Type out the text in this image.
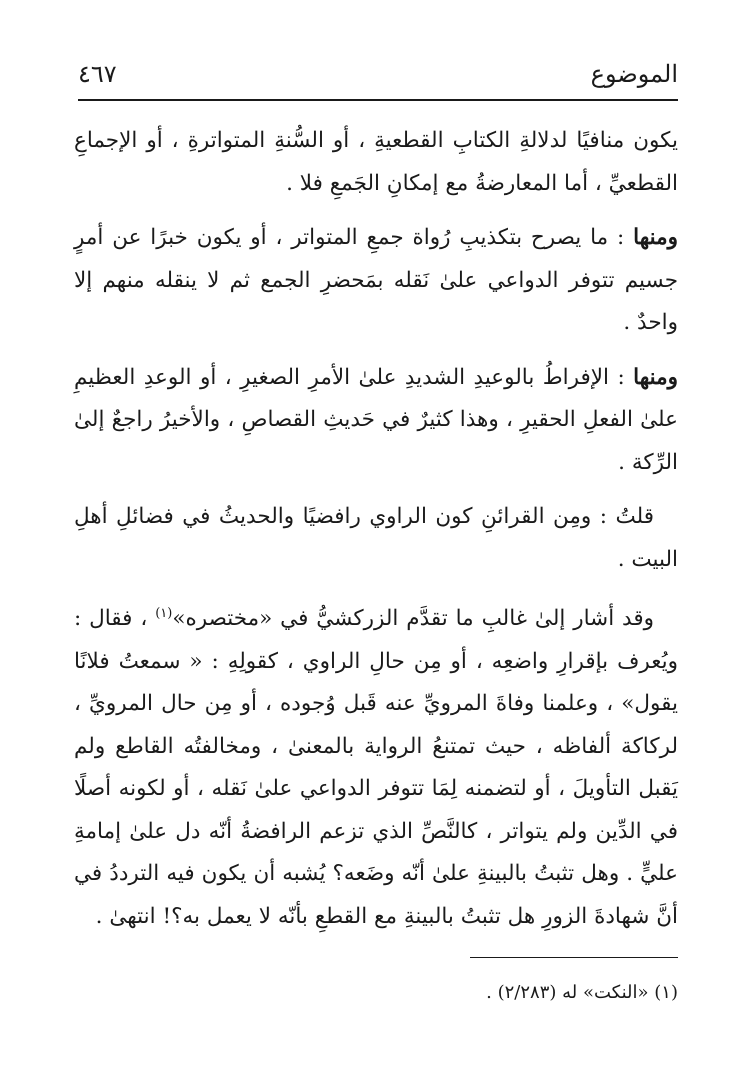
الموضوع
٤٦٧

يكون منافيًا لدلالةِ الكتابِ القطعيةِ ، أو السُّنةِ المتواترةِ ، أو الإجماعِ القطعيِّ ، أما المعارضةُ مع إمكانِ الجَمعِ فلا .

ومنها : ما يصرح بتكذيبِ رُواة جمعِ المتواتر ، أو يكون خبرًا عن أمرٍ جسيم تتوفر الدواعي علىٰ نَقله بمَحضرِ الجمع ثم لا ينقله منهم إلا واحدٌ .

ومنها : الإفراطُ بالوعيدِ الشديدِ علىٰ الأمرِ الصغيرِ ، أو الوعدِ العظيمِ علىٰ الفعلِ الحقيرِ ، وهذا كثيرٌ في حَديثِ القصاصِ ، والأخيرُ راجعٌ إلىٰ الرِّكة .

قلتُ : ومِن القرائنِ كون الراوي رافضيًا والحديثُ في فضائلِ أهلِ البيت .

وقد أشار إلىٰ غالبِ ما تقدَّم الزركشيُّ في «مختصره»$^{(١)}$ ، فقال : ويُعرف بإقرارِ واضعِه ، أو مِن حالِ الراوي ، كقولِهِ : « سمعتُ فلانًا يقول» ، وعلمنا وفاةَ المرويِّ عنه قَبل وُجوده ، أو مِن حال المرويِّ ، لركاكة ألفاظه ، حيث تمتنعُ الرواية بالمعنىٰ ، ومخالفتُه القاطع ولم يَقبل التأويلَ ، أو لتضمنه لِمَا تتوفر الدواعي علىٰ نَقله ، أو لكونه أصلًا في الدِّين ولم يتواتر ، كالنَّصِّ الذي تزعم الرافضةُ أنّه دل علىٰ إمامةِ عليٍّ . وهل تثبتُ بالبينةِ علىٰ أنّه وضَعه؟ يُشبه أن يكون فيه الترددُ في أنَّ شهادةَ الزورِ هل تثبتُ بالبينةِ مع القطعِ بأنّه لا يعمل به؟! انتهىٰ .

(١) «النكت» له (٢/٢٨٣) .
